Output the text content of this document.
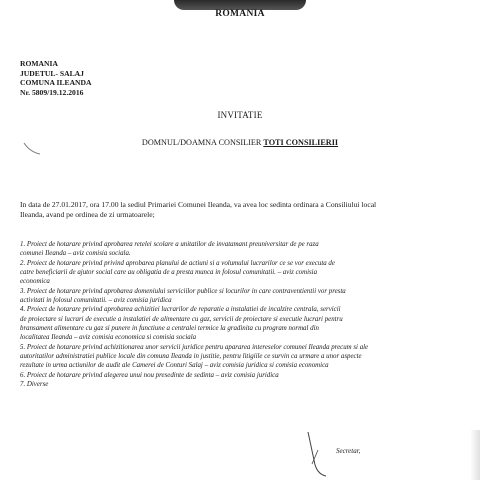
ROMANIA
ROMANIA
JUDETUL- SALAJ
COMUNA ILEANDA
Nr. 5809/19.12.2016
INVITATIE
DOMNUL/DOAMNA CONSILIER TOTI CONSILIERII
In data de 27.01.2017, ora 17.00 la sediul Primariei Comunei Ileanda, va avea loc sedinta ordinara a Consiliului local
Ileanda, avand pe ordinea de zi urmatoarele;
1. Proiect de hotarare privind aprobarea retelei scolare a unitatilor de invatamant preuniversitar de pe raza
comunei Ileanda – aviz comisia sociala.
2. Proiect de hotarare privind privind aprobarea planului de actiuni si a volumului lucrarilor ce se vor executa de
catre beneficiarii de ajutor social care au obligatia de a presta munca in folosul comunitatii. – aviz comisia
economica
3. Proiect de hotarare privind aprobarea domeniului serviciilor publice si locurilor in care contraventientii vor presta
activitati in folosul comunitatii. – aviz comisia juridica
4. Proiect de hotarare privind aprobarea achizitiei lucrarilor de reparatie a instalatiei de incalzire centrala, servicii
de proiectare si lucrari de executie a instalatiei de alimentare cu gaz, servicii de proiectare si executie lucrari pentru
bransament alimentare cu gaz si punere in functiune a centralei termice la gradinita cu program normal din
localitatea Ileanda – aviz comisia economica si comisia sociala
5. Proiect de hotarare privind achizitionarea unor servicii juridice pentru apararea intereselor comunei Ileanda precum si ale
autoritatilor administratiei publice locale din comuna Ileanda in justitie, pentru litigiile ce survin ca urmare a unor aspecte
rezultate in urma actiunilor de audit ale Camerei de Conturi Salaj – aviz comisia juridica si comisia economica
6. Proiect de hotarare privind alegerea unui nou presedinte de sedinta – aviz comisia juridica
7. Diverse
Secretar,
